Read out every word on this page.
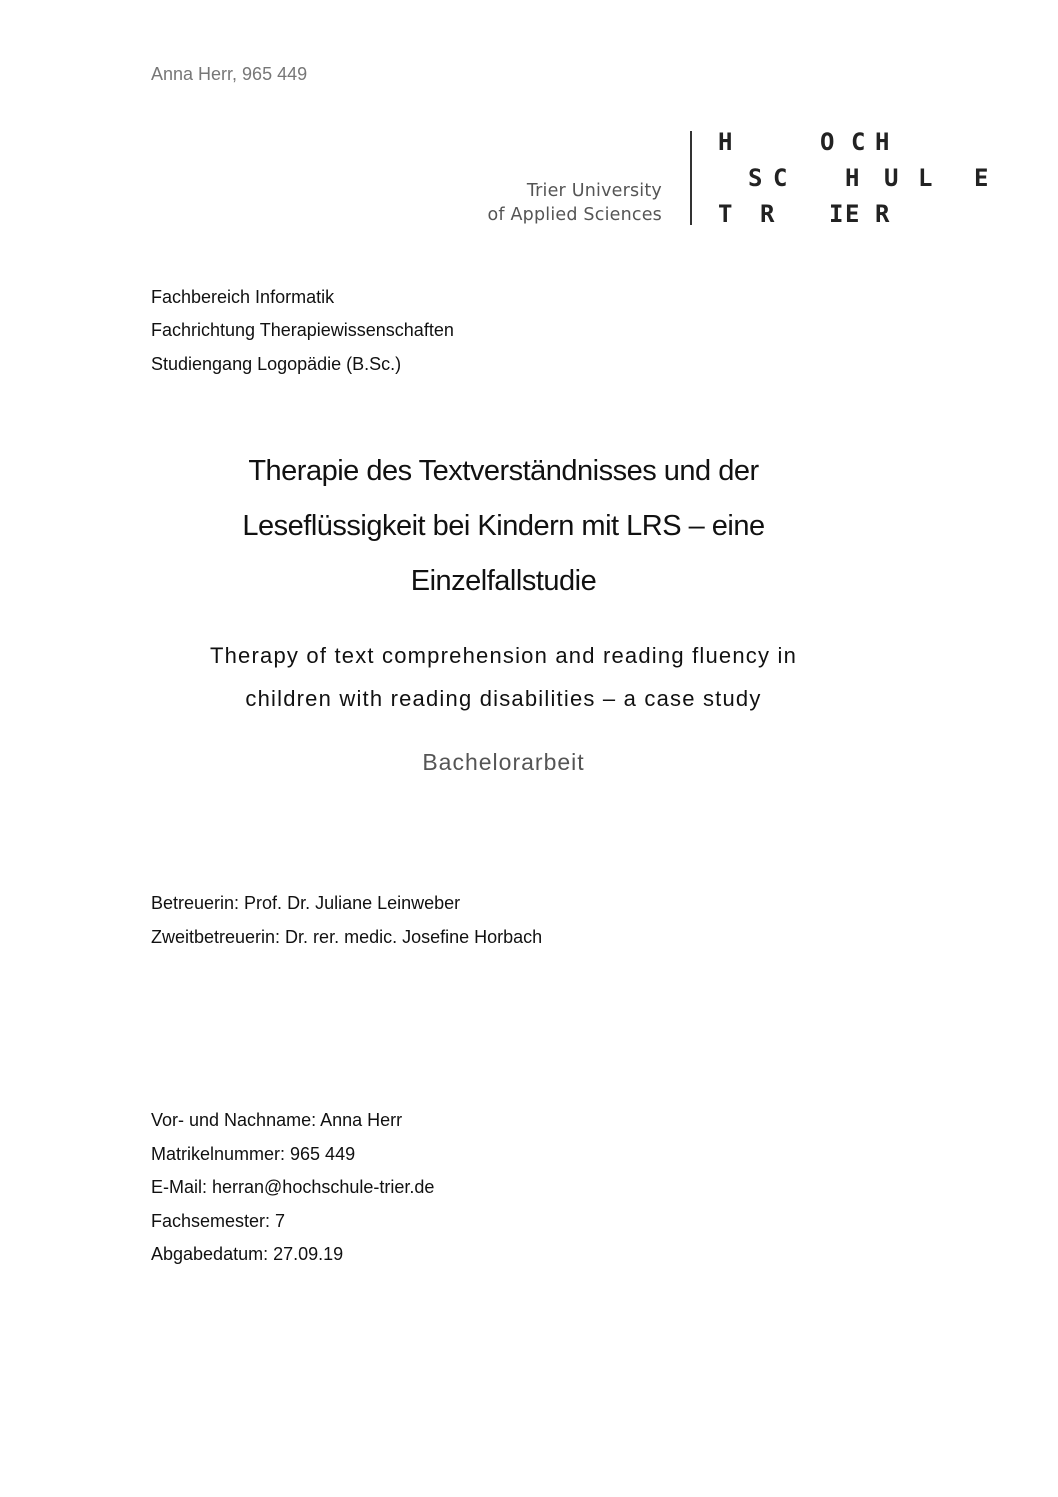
Anna Herr, 965 449
Trier University
of Applied Sciences
H	O C H
S C H U L E
T R I E R
Fachbereich Informatik
Fachrichtung Therapiewissenschaften
Studiengang Logopädie (B.Sc.)
Therapie des Textverständnisses und der
Leseflüssigkeit bei Kindern mit LRS – eine
Einzelfallstudie
Therapy of text comprehension and reading fluency in
children with reading disabilities – a case study
Bachelorarbeit
Betreuerin: Prof. Dr. Juliane Leinweber
Zweitbetreuerin: Dr. rer. medic. Josefine Horbach
Vor- und Nachname: Anna Herr
Matrikelnummer: 965 449
E-Mail: herran@hochschule-trier.de
Fachsemester: 7
Abgabedatum: 27.09.19
